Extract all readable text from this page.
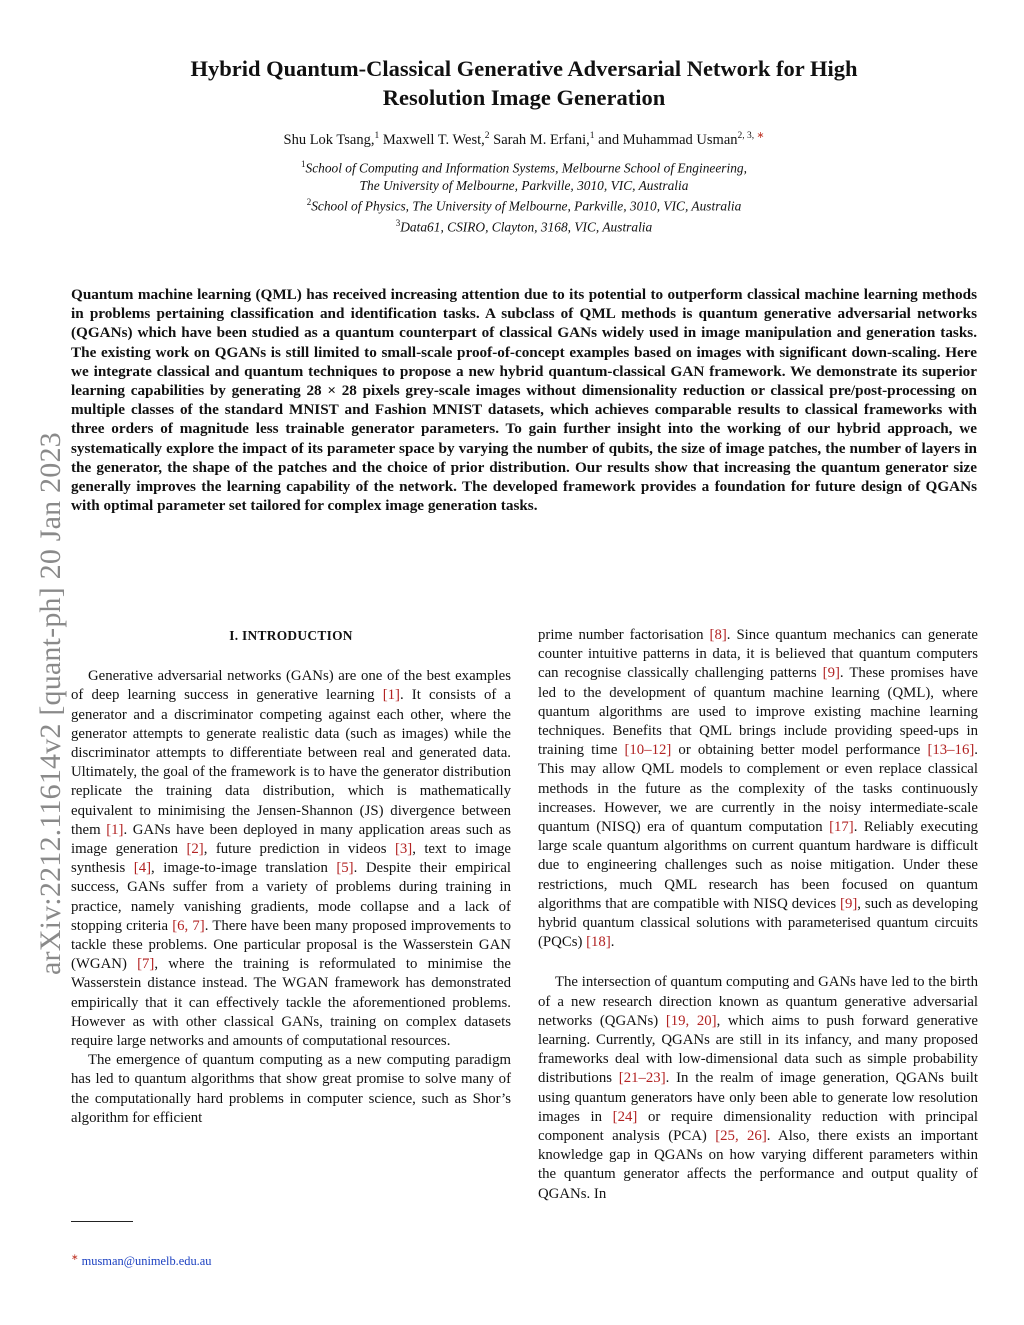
arXiv:2212.11614v2 [quant-ph] 20 Jan 2023
Hybrid Quantum-Classical Generative Adversarial Network for High
Resolution Image Generation
Shu Lok Tsang,$^1$ Maxwell T. West,$^2$ Sarah M. Erfani,$^1$ and Muhammad Usman$^{2, 3, ∗}$
$^1$School of Computing and Information Systems, Melbourne School of Engineering,
The University of Melbourne, Parkville, 3010, VIC, Australia
$^2$School of Physics, The University of Melbourne, Parkville, 3010, VIC, Australia
$^3$Data61, CSIRO, Clayton, 3168, VIC, Australia
Quantum machine learning (QML) has received increasing attention due to its potential to outperform classical machine learning methods in problems pertaining classification and identification tasks. A subclass of QML methods is quantum generative adversarial networks (QGANs) which have been studied as a quantum counterpart of classical GANs widely used in image manipulation and generation tasks. The existing work on QGANs is still limited to small-scale proof-of-concept examples based on images with significant down-scaling. Here we integrate classical and quantum techniques to propose a new hybrid quantum-classical GAN framework. We demonstrate its superior learning capabilities by generating 28 × 28 pixels grey-scale images without dimensionality reduction or classical pre/post-processing on multiple classes of the standard MNIST and Fashion MNIST datasets, which achieves comparable results to classical frameworks with three orders of magnitude less trainable generator parameters. To gain further insight into the working of our hybrid approach, we systematically explore the impact of its parameter space by varying the number of qubits, the size of image patches, the number of layers in the generator, the shape of the patches and the choice of prior distribution. Our results show that increasing the quantum generator size generally improves the learning capability of the network. The developed framework provides a foundation for future design of QGANs with optimal parameter set tailored for complex image generation tasks.
I. INTRODUCTION

Generative adversarial networks (GANs) are one of the best examples of deep learning success in generative learning [1]. It consists of a generator and a discriminator competing against each other, where the generator attempts to generate realistic data (such as images) while the discriminator attempts to differentiate between real and generated data. Ultimately, the goal of the framework is to have the generator distribution replicate the training data distribution, which is mathematically equivalent to minimising the Jensen-Shannon (JS) divergence between them [1]. GANs have been deployed in many application areas such as image generation [2], future prediction in videos [3], text to image synthesis [4], image-to-image translation [5]. Despite their empirical success, GANs suffer from a variety of problems during training in practice, namely vanishing gradients, mode collapse and a lack of stopping criteria [6, 7]. There have been many proposed improvements to tackle these problems. One particular proposal is the Wasserstein GAN (WGAN) [7], where the training is reformulated to minimise the Wasserstein distance instead. The WGAN framework has demonstrated empirically that it can effectively tackle the aforementioned problems. However as with other classical GANs, training on complex datasets require large networks and amounts of computational resources.

The emergence of quantum computing as a new computing paradigm has led to quantum algorithms that show great promise to solve many of the computationally hard problems in computer science, such as Shor’s algorithm for efficient

prime number factorisation [8]. Since quantum mechanics can generate counter intuitive patterns in data, it is believed that quantum computers can recognise classically challenging patterns [9]. These promises have led to the development of quantum machine learning (QML), where quantum algorithms are used to improve existing machine learning techniques. Benefits that QML brings include providing speed-ups in training time [10–12] or obtaining better model performance [13–16]. This may allow QML models to complement or even replace classical methods in the future as the complexity of the tasks continuously increases. However, we are currently in the noisy intermediate-scale quantum (NISQ) era of quantum computation [17]. Reliably executing large scale quantum algorithms on current quantum hardware is difficult due to engineering challenges such as noise mitigation. Under these restrictions, much QML research has been focused on quantum algorithms that are compatible with NISQ devices [9], such as developing hybrid quantum classical solutions with parameterised quantum circuits (PQCs) [18].

The intersection of quantum computing and GANs have led to the birth of a new research direction known as quantum generative adversarial networks (QGANs) [19, 20], which aims to push forward generative learning. Currently, QGANs are still in its infancy, and many proposed frameworks deal with low-dimensional data such as simple probability distributions [21–23]. In the realm of image generation, QGANs built using quantum generators have only been able to generate low resolution images in [24] or require dimensionality reduction with principal component analysis (PCA) [25, 26]. Also, there exists an important knowledge gap in QGANs on how varying different parameters within the quantum generator affects the performance and output quality of QGANs. In

∗ musman@unimelb.edu.au
